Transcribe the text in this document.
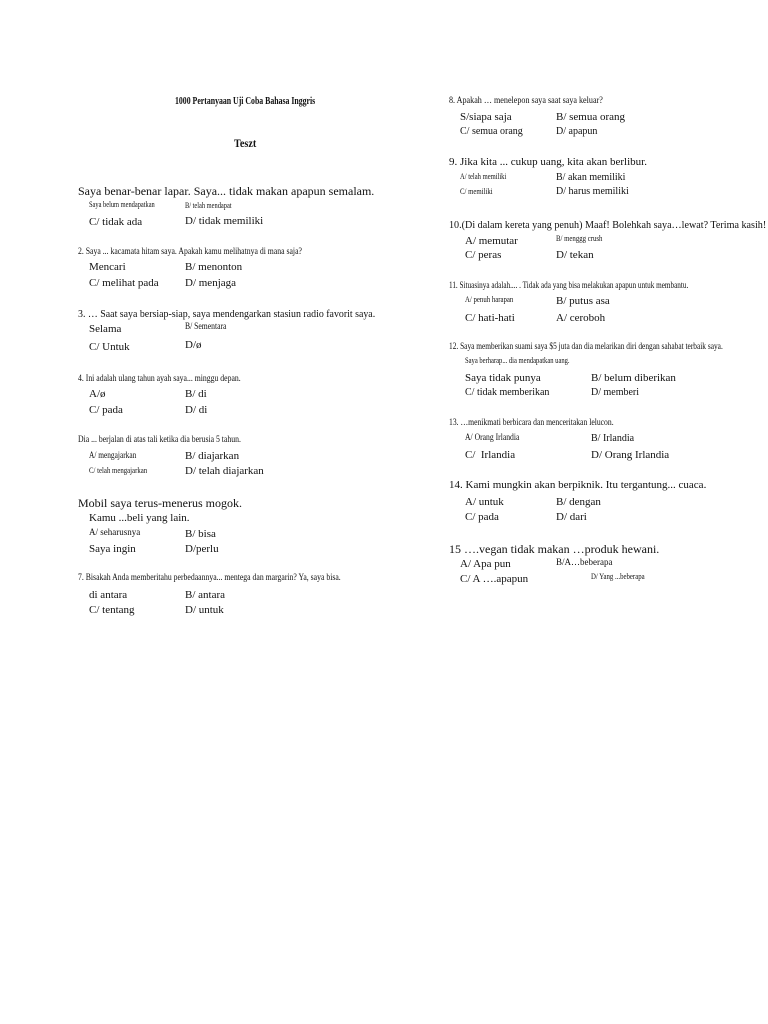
1000 Pertanyaan Uji Coba Bahasa Inggris
Teszt
Saya benar-benar lapar. Saya... tidak makan apapun semalam.
Saya belum mendapatkan	B/ telah mendapat
C/ tidak ada	D/ tidak memiliki
2. Saya ... kacamata hitam saya. Apakah kamu melihatnya di mana saja?
Mencari	B/ menonton
C/ melihat pada D/ menjaga
3. … Saat saya bersiap-siap, saya mendengarkan stasiun radio favorit saya.
Selama	B/ Sementara
C/ Untuk	D/ø
4. Ini adalah ulang tahun ayah saya... minggu depan.
A/ø	B/ di
C/ pada	D/ di
Dia ... berjalan di atas tali ketika dia berusia 5 tahun.
A/ mengajarkan	B/ diajarkan
C/ telah mengajarkan	D/ telah diajarkan
Mobil saya terus-menerus mogok.
Kamu ...beli yang lain.
A/ seharusnya	B/ bisa
Saya ingin	D/perlu
7. Bisakah Anda memberitahu perbedaannya... mentega dan margarin? Ya, saya bisa.
di antara	B/ antara
C/ tentang	D/ untuk
8. Apakah … menelepon saya saat saya keluar?
S/siapa saja	B/ semua orang
C/ semua orang	D/ apapun
9. Jika kita ... cukup uang, kita akan berlibur.
A/ telah memiliki	B/ akan memiliki
C/ memiliki	D/ harus memiliki
10.(Di dalam kereta yang penuh) Maaf! Bolehkah saya…lewat? Terima kasih!
A/ memutar	B/ menggg crush
C/ peras	D/ tekan
11. Situasinya adalah.... . Tidak ada yang bisa melakukan apapun untuk membantu.
A/ penuh harapan	B/ putus asa
C/ hati-hati	A/ ceroboh
12. Saya memberikan suami saya $5 juta dan dia melarikan diri dengan sahabat terbaik saya.
Saya berharap... dia mendapatkan uang.
Saya tidak punya	B/ belum diberikan
C/ tidak memberikan	D/ memberi
13. …menikmati berbicara dan menceritakan lelucon.
A/ Orang Irlandia	B/ Irlandia
C/  Irlandia	D/ Orang Irlandia
14. Kami mungkin akan berpiknik. Itu tergantung... cuaca.
A/ untuk	B/ dengan
C/ pada	D/ dari
15 ….vegan tidak makan …produk hewani.
A/ Apa pun	B/A…beberapa
C/ A ….apapun	D/ Yang ...beberapa
